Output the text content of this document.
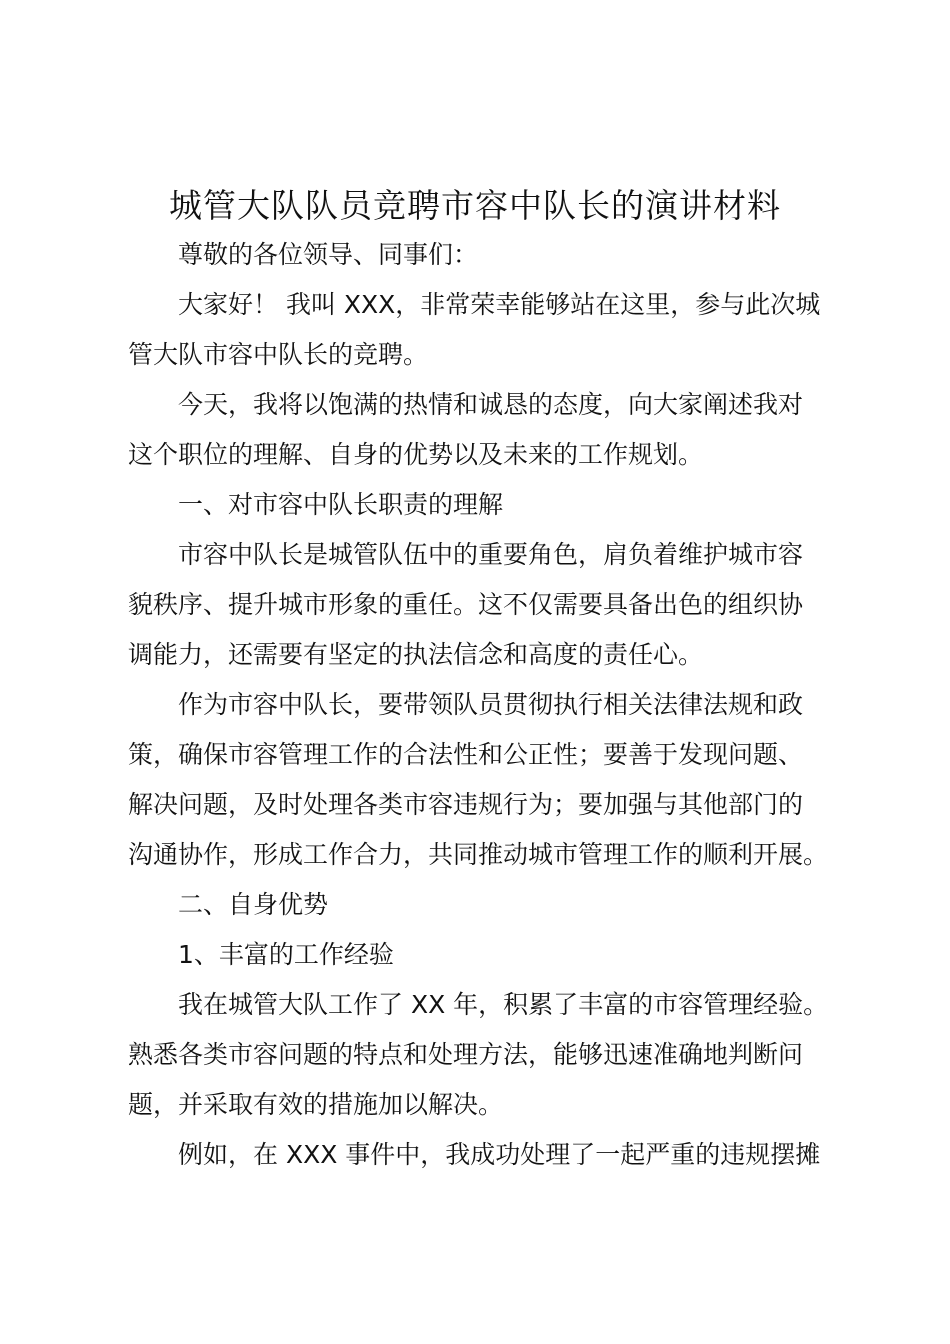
城管大队队员竞聘市容中队长的演讲材料
尊敬的各位领导、同事们：
大家好！ 我叫 XXX，非常荣幸能够站在这里，参与此次城
管大队市容中队长的竞聘。
今天，我将以饱满的热情和诚恳的态度，向大家阐述我对
这个职位的理解、自身的优势以及未来的工作规划。
一、对市容中队长职责的理解
市容中队长是城管队伍中的重要角色，肩负着维护城市容
貌秩序、提升城市形象的重任。这不仅需要具备出色的组织协
调能力，还需要有坚定的执法信念和高度的责任心。
作为市容中队长，要带领队员贯彻执行相关法律法规和政
策，确保市容管理工作的合法性和公正性；要善于发现问题、
解决问题，及时处理各类市容违规行为；要加强与其他部门的
沟通协作，形成工作合力，共同推动城市管理工作的顺利开展。
二、自身优势
1、丰富的工作经验
我在城管大队工作了 XX 年，积累了丰富的市容管理经验。
熟悉各类市容问题的特点和处理方法，能够迅速准确地判断问
题，并采取有效的措施加以解决。
例如，在 XXX 事件中，我成功处理了一起严重的违规摆摊
